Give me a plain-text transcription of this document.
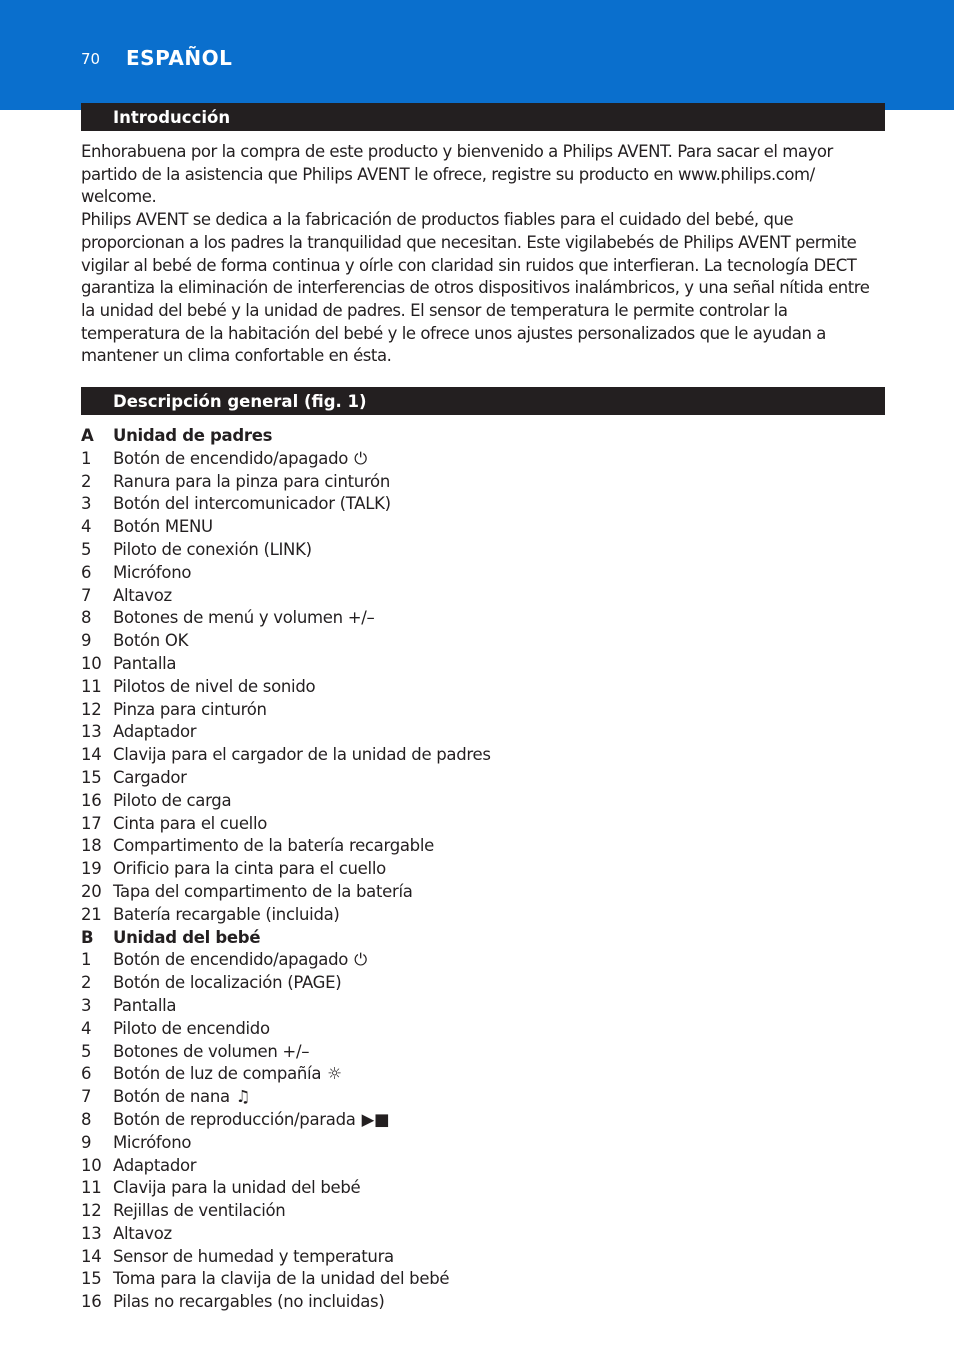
70 ESPAÑOL
Introducción

Enhorabuena por la compra de este producto y bienvenido a Philips AVENT. Para sacar el mayor partido de la asistencia que Philips AVENT le ofrece, registre su producto en www.philips.com/ welcome.

Philips AVENT se dedica a la fabricación de productos fiables para el cuidado del bebé, que proporcionan a los padres la tranquilidad que necesitan. Este vigilabebés de Philips AVENT permite vigilar al bebé de forma continua y oírle con claridad sin ruidos que interfieran. La tecnología DECT garantiza la eliminación de interferencias de otros dispositivos inalámbricos, y una señal nítida entre la unidad del bebé y la unidad de padres. El sensor de temperatura le permite controlar la temperatura de la habitación del bebé y le ofrece unos ajustes personalizados que le ayudan a mantener un clima confortable en ésta.

Descripción general (fig. 1)
A	Unidad de padres
1	Botón de encendido/apagado ⏻
2	Ranura para la pinza para cinturón
3	Botón del intercomunicador (TALK)
4	Botón MENU
5	Piloto de conexión (LINK)
6	Micrófono
7	Altavoz
8	Botones de menú y volumen +/–
9	Botón OK
10 Pantalla
11 Pilotos de nivel de sonido
12 Pinza para cinturón
13 Adaptador
14 Clavija para el cargador de la unidad de padres
15 Cargador
16 Piloto de carga
17 Cinta para el cuello
18 Compartimento de la batería recargable
19 Orificio para la cinta para el cuello
20 Tapa del compartimento de la batería
21 Batería recargable (incluida)
B	Unidad del bebé
1	Botón de encendido/apagado ⏻
2	Botón de localización (PAGE)
3	Pantalla
4	Piloto de encendido
5	Botones de volumen +/–
6	Botón de luz de compañía ☼
7	Botón de nana ♫
8	Botón de reproducción/parada ▶■
9	Micrófono
10 Adaptador
11 Clavija para la unidad del bebé
12 Rejillas de ventilación
13 Altavoz
14 Sensor de humedad y temperatura
15 Toma para la clavija de la unidad del bebé
16 Pilas no recargables (no incluidas)
